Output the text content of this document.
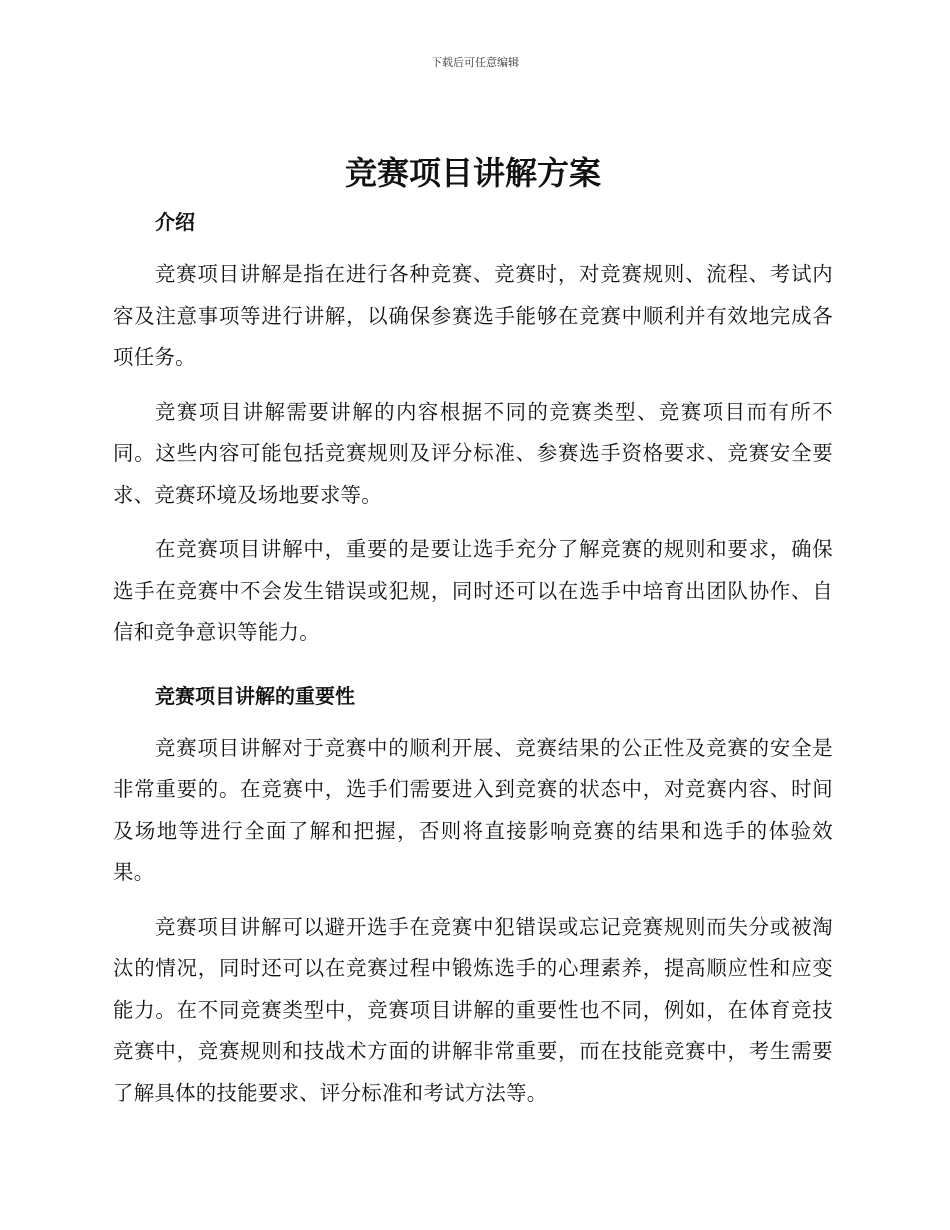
下载后可任意编辑
竞赛项目讲解方案
介绍

竞赛项目讲解是指在进行各种竞赛、竞赛时，对竞赛规则、流程、考试内容及注意事项等进行讲解，以确保参赛选手能够在竞赛中顺利并有效地完成各项任务。

竞赛项目讲解需要讲解的内容根据不同的竞赛类型、竞赛项目而有所不同。这些内容可能包括竞赛规则及评分标准、参赛选手资格要求、竞赛安全要求、竞赛环境及场地要求等。

在竞赛项目讲解中，重要的是要让选手充分了解竞赛的规则和要求，确保选手在竞赛中不会发生错误或犯规，同时还可以在选手中培育出团队协作、自信和竞争意识等能力。

竞赛项目讲解的重要性

竞赛项目讲解对于竞赛中的顺利开展、竞赛结果的公正性及竞赛的安全是非常重要的。在竞赛中，选手们需要进入到竞赛的状态中，对竞赛内容、时间及场地等进行全面了解和把握，否则将直接影响竞赛的结果和选手的体验效果。

竞赛项目讲解可以避开选手在竞赛中犯错误或忘记竞赛规则而失分或被淘汰的情况，同时还可以在竞赛过程中锻炼选手的心理素养，提高顺应性和应变能力。在不同竞赛类型中，竞赛项目讲解的重要性也不同，例如，在体育竞技竞赛中，竞赛规则和技战术方面的讲解非常重要，而在技能竞赛中，考生需要了解具体的技能要求、评分标准和考试方法等。
